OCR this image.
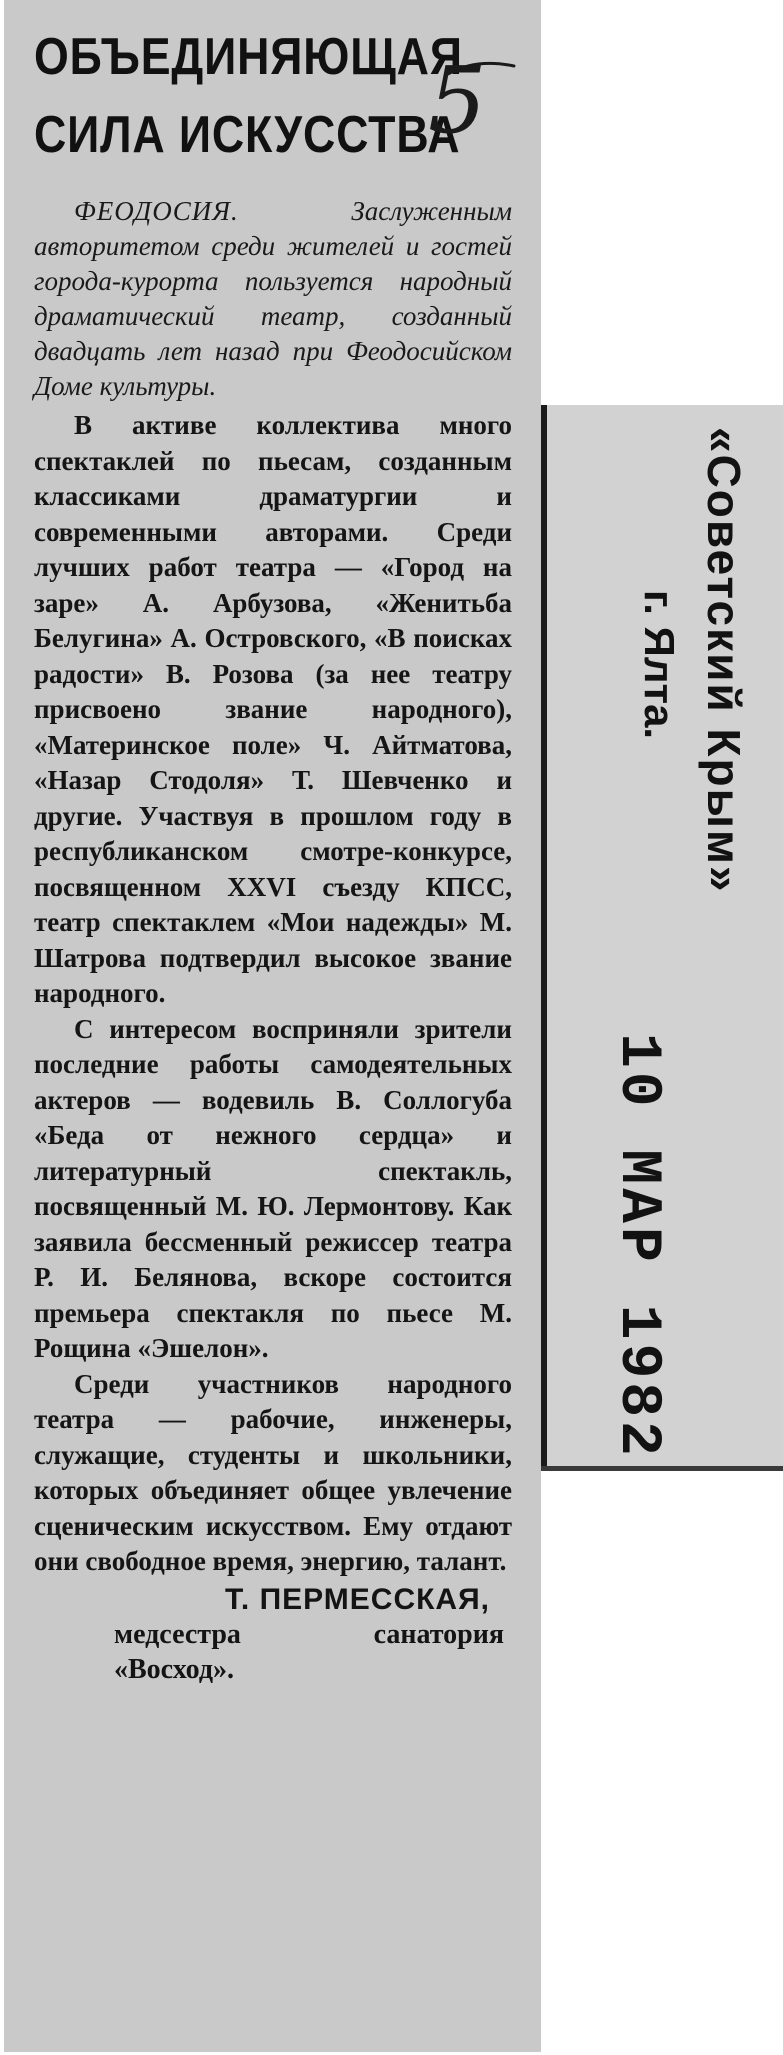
ОБЪЕДИНЯЮЩАЯ
СИЛА ИСКУССТВА

ФЕОДОСИЯ.	Заслуженным авторитетом среди жителей и гостей города-курорта пользуется народный драматический театр, созданный двадцать лет назад при Феодосийском Доме культуры.

В активе коллектива много спектаклей по пьесам, созданным классиками драматургии и современными авторами. Среди лучших работ театра — «Город на заре» А. Арбузова, «Женитьба Белугина» А. Островского, «В поисках радости» В. Розова (за нее театру присвоено звание народного), «Материнское поле» Ч. Айтматова, «Назар Стодоля» Т. Шевченко и другие. Участвуя в прошлом году в республиканском смотре-конкурсе, посвященном XXVI съезду КПСС, театр спектаклем «Мои надежды» М. Шатрова подтвердил высокое звание народного.

С интересом восприняли зрители последние работы самодеятельных актеров — водевиль В. Соллогуба «Беда от нежного сердца» и литературный спектакль, посвященный М. Ю. Лермонтову. Как заявила бессменный режиссер театра Р. И. Белянова, вскоре состоится премьера спектакля по пьесе М. Рощина «Эшелон».

Среди участников народного театра — рабочие, инженеры, служащие, студенты и школьники, которых объединяет общее увлечение сценическим искусством. Ему отдают они свободное время, энергию, талант.

Т. ПЕРМЕССКАЯ,
медсестра санатория
«Восход».
5
«Советский Крым»
г. Ялта.
10 МАР 1982
